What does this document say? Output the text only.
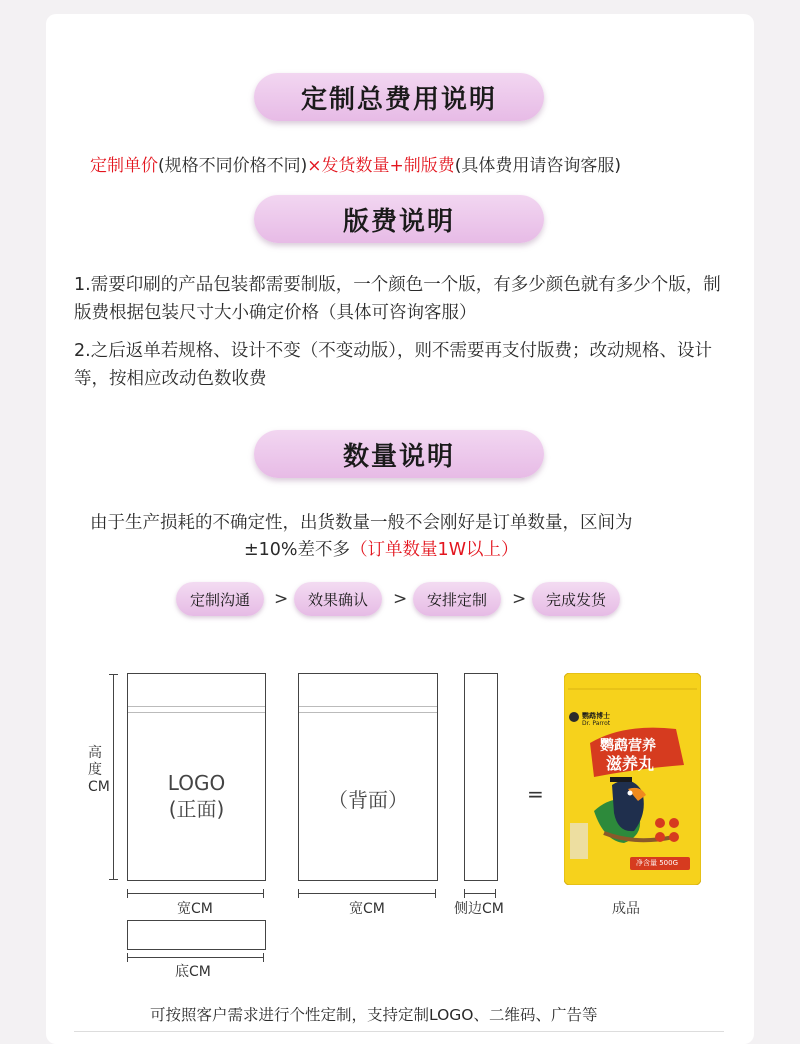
定制总费用说明
定制单价(规格不同价格不同)×发货数量+制版费(具体费用请咨询客服)
版费说明
1.需要印刷的产品包装都需要制版，一个颜色一个版，有多少颜色就有多少个版，制版费根据包装尺寸大小确定价格（具体可咨询客服）
2.之后返单若规格、设计不变（不变动版），则不需要再支付版费；改动规格、设计等，按相应改动色数收费
数量说明
由于生产损耗的不确定性，出货数量一般不会刚好是订单数量，区间为
±10%差不多（订单数量1W以上）
定制沟通	>	效果确认	>	安排定制	>	完成发货
高度CM	LOGO
(正面)	（背面）	=
鹦鹉博士
Dr. Parrot
鹦鹉营养
滋养丸
净含量 500G
宽CM	宽CM	侧边CM	成品
底CM
可按照客户需求进行个性定制，支持定制LOGO、二维码、广告等
